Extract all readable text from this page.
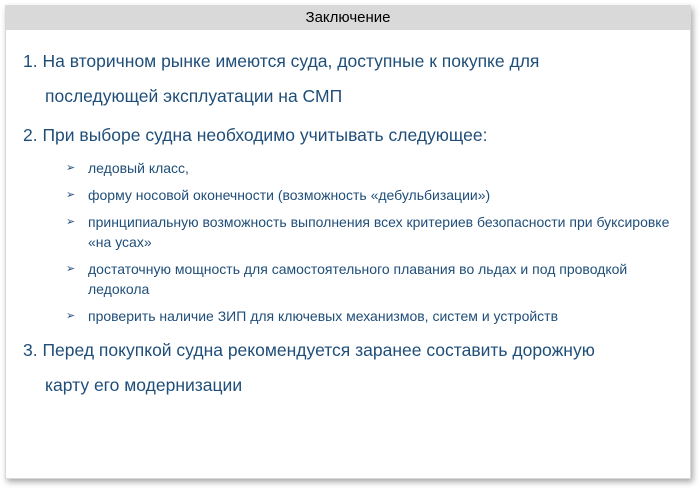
Заключение
1. На вторичном рынке имеются суда, доступные к покупке для
последующей эксплуатации на СМП
2. При выборе судна необходимо учитывать следующее:
➢ ледовый класс,
➢ форму носовой оконечности (возможность «дебульбизации»)
➢ принципиальную возможность выполнения всех критериев безопасности при буксировке «на усах»
➢ достаточную мощность для самостоятельного плавания во льдах и под проводкой ледокола
➢ проверить наличие ЗИП для ключевых механизмов, систем и устройств
3. Перед покупкой судна рекомендуется заранее составить дорожную
карту его модернизации
